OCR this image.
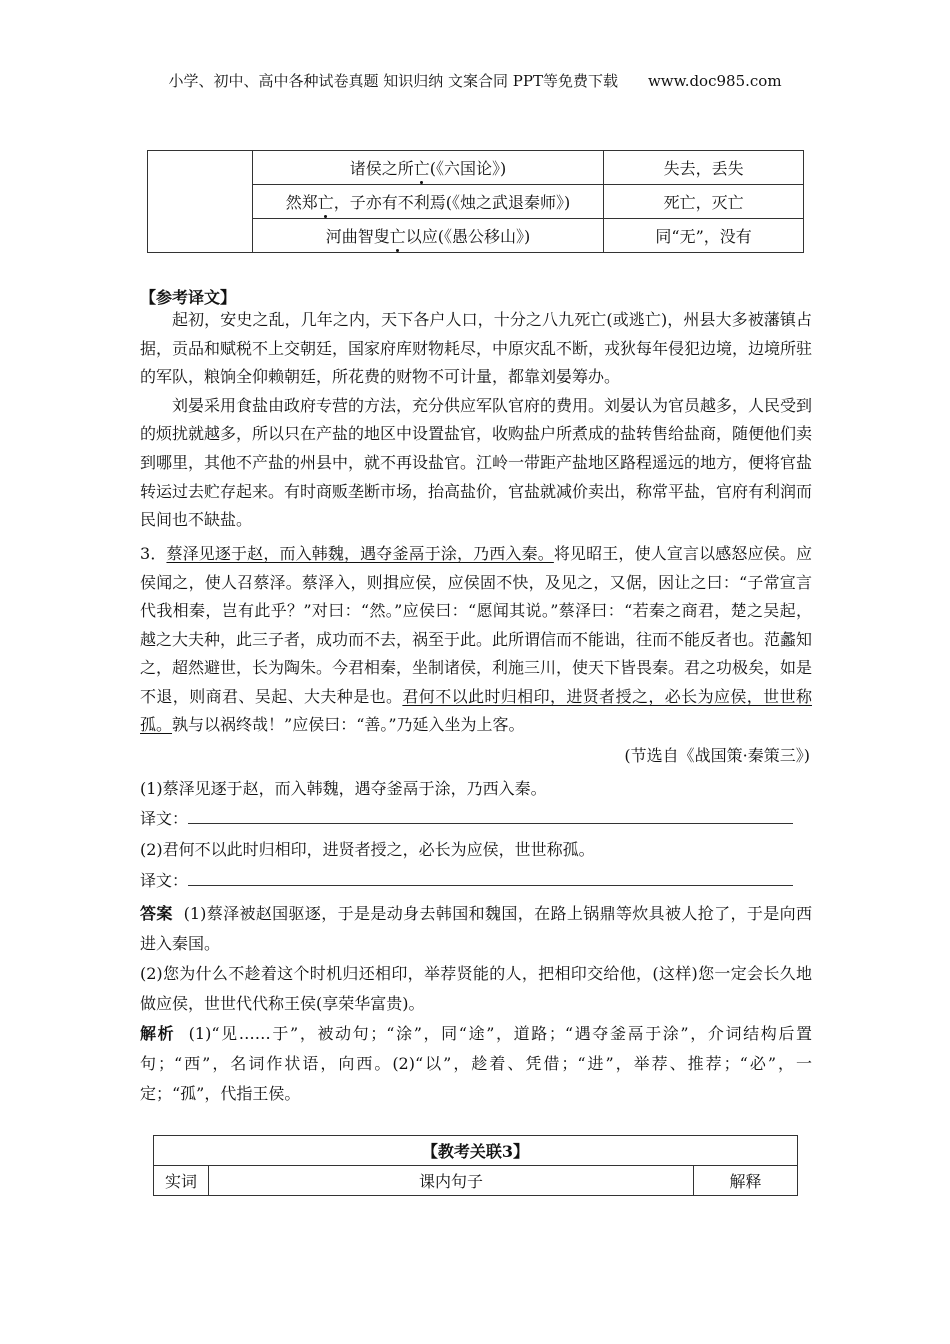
小学、初中、高中各种试卷真题 知识归纳 文案合同 PPT等免费下载 www.doc985.com
	诸侯之所亡(《六国论》)	失去，丢失
	然郑亡，子亦有不利焉(《烛之武退秦师》)	死亡，灭亡
	河曲智叟亡以应(《愚公移山》)	同“无”，没有
【参考译文】

起初，安史之乱，几年之内，天下各户人口，十分之八九死亡(或逃亡)，州县大多被藩镇占据，贡品和赋税不上交朝廷，国家府库财物耗尽，中原灾乱不断，戎狄每年侵犯边境，边境所驻的军队，粮饷全仰赖朝廷，所花费的财物不可计量，都靠刘晏筹办。

刘晏采用食盐由政府专营的方法，充分供应军队官府的费用。刘晏认为官员越多，人民受到的烦扰就越多，所以只在产盐的地区中设置盐官，收购盐户所煮成的盐转售给盐商，随便他们卖到哪里，其他不产盐的州县中，就不再设盐官。江岭一带距产盐地区路程遥远的地方，便将官盐转运过去贮存起来。有时商贩垄断市场，抬高盐价，官盐就减价卖出，称常平盐，官府有利润而民间也不缺盐。

3．蔡泽见逐于赵，而入韩魏，遇夺釜鬲于涂，乃西入秦。将见昭王，使人宣言以感怒应侯。应侯闻之，使人召蔡泽。蔡泽入，则揖应侯，应侯固不快，及见之，又倨，因让之曰：“子常宣言代我相秦，岂有此乎？”对曰：“然。”应侯曰：“愿闻其说。”蔡泽曰：“若秦之商君，楚之吴起，越之大夫种，此三子者，成功而不去，祸至于此。此所谓信而不能诎，往而不能反者也。范蠡知之，超然避世，长为陶朱。今君相秦，坐制诸侯，利施三川，使天下皆畏秦。君之功极矣，如是不退，则商君、吴起、大夫种是也。君何不以此时归相印，进贤者授之，必长为应侯，世世称孤。孰与以祸终哉！”应侯曰：“善。”乃延入坐为上客。
(节选自《战国策·秦策三》)
(1)蔡泽见逐于赵，而入韩魏，遇夺釜鬲于涂，乃西入秦。
译文：
(2)君何不以此时归相印，进贤者授之，必长为应侯，世世称孤。
译文：

答案 (1)蔡泽被赵国驱逐，于是是动身去韩国和魏国，在路上锅鼎等炊具被人抢了，于是向西进入秦国。

(2)您为什么不趁着这个时机归还相印，举荐贤能的人，把相印交给他，(这样)您一定会长久地做应侯，世世代代称王侯(享荣华富贵)。

解析 (1)“见……于”，被动句；“涂”，同“途”，道路；“遇夺釜鬲于涂”，介词结构后置句；“西”，名词作状语，向西。(2)“以”，趁着、凭借；“进”，举荐、推荐；“必”，一定；“孤”，代指王侯。

【教考关联3】
实词	课内句子	解释
